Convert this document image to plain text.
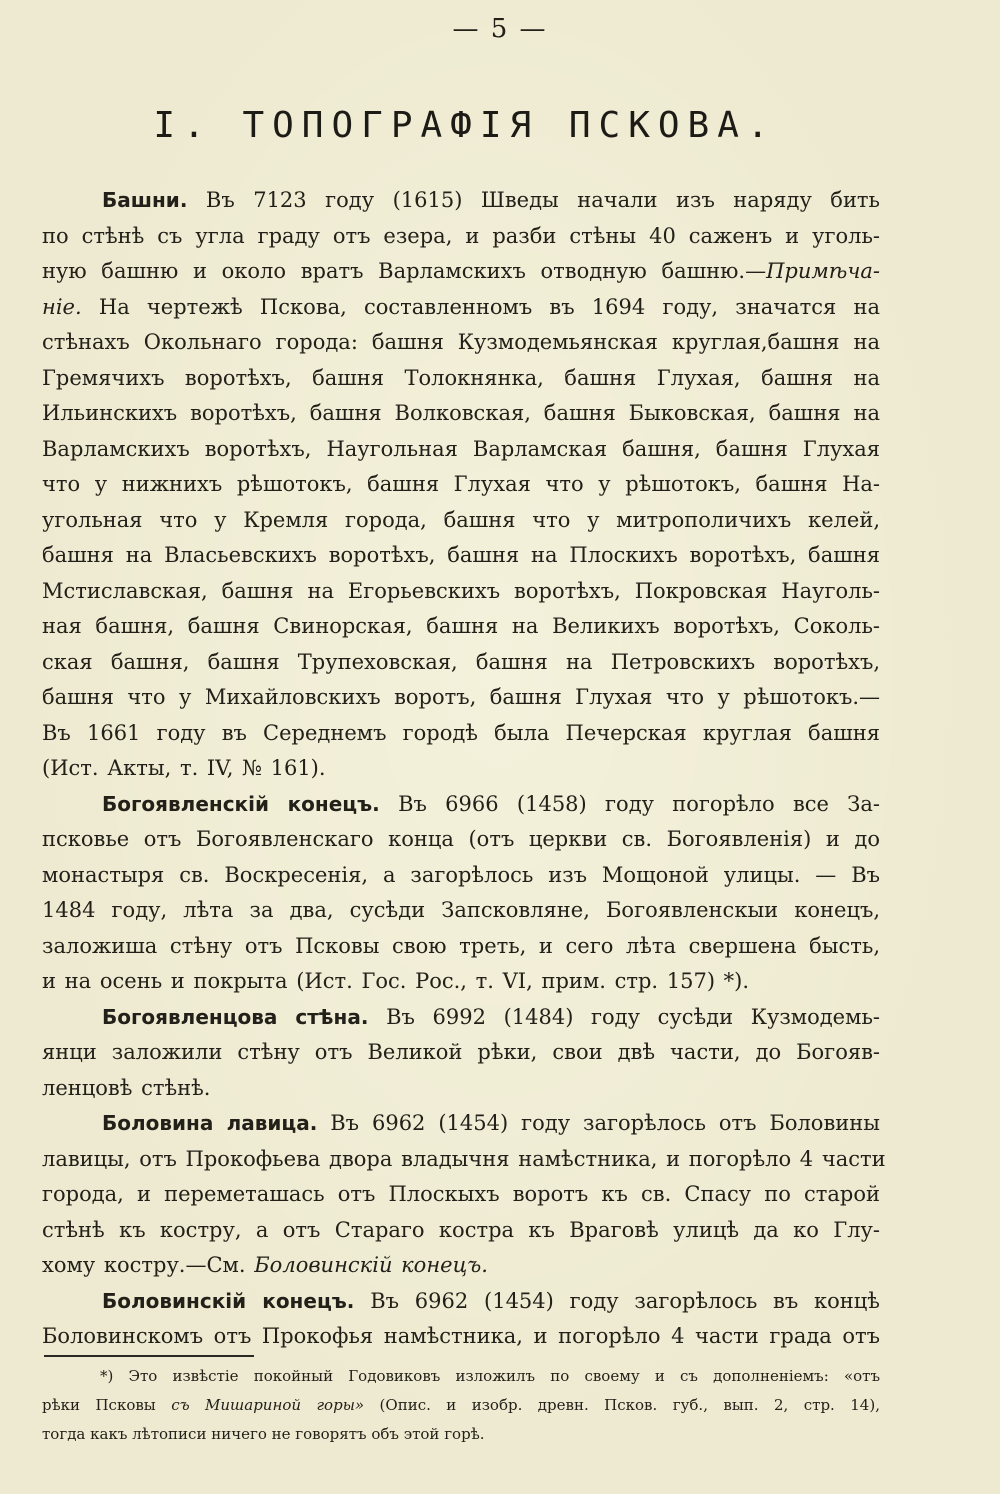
— 5 —
I. ТОПОГРАФІЯ ПСКОВА.
Башни. Въ 7123 году (1615) Шведы начали изъ наряду бить
по стѣнѣ съ угла граду отъ езера, и разби стѣны 40 саженъ и уголь-
ную башню и около вратъ Варламскихъ отводную башню.—Примѣча-
ніе. На чертежѣ Пскова, составленномъ въ 1694 году, значатся на
стѣнахъ Окольнаго города: башня Кузмодемьянская круглая,башня на
Гремячихъ воротѣхъ, башня Толокнянка, башня Глухая, башня на
Ильинскихъ воротѣхъ, башня Волковская, башня Быковская, башня на
Варламскихъ воротѣхъ, Наугольная Варламская башня, башня Глухая
что у нижнихъ рѣшотокъ, башня Глухая что у рѣшотокъ, башня На-
угольная что у Кремля города, башня что у митрополичихъ келей,
башня на Власьевскихъ воротѣхъ, башня на Плоскихъ воротѣхъ, башня
Мстиславская, башня на Егорьевскихъ воротѣхъ, Покровская Науголь-
ная башня, башня Свинорская, башня на Великихъ воротѣхъ, Соколь-
ская башня, башня Трупеховская, башня на Петровскихъ воротѣхъ,
башня что у Михайловскихъ воротъ, башня Глухая что у рѣшотокъ.—
Въ 1661 году въ Середнемъ городѣ была Печерская круглая башня
(Ист. Акты, т. IV, № 161).
Богоявленскій конецъ. Въ 6966 (1458) году погорѣло все За-
псковье отъ Богоявленскаго конца (отъ церкви св. Богоявленія) и до
монастыря св. Воскресенія, а загорѣлось изъ Мощоной улицы. — Въ
1484 году, лѣта за два, сусѣди Запсковляне, Богоявленскыи конецъ,
заложиша стѣну отъ Псковы свою треть, и сего лѣта свершена бысть,
и на осень и покрыта (Ист. Гос. Рос., т. VI, прим. стр. 157) *).
Богоявленцова стѣна. Въ 6992 (1484) году сусѣди Кузмодемь-
янци заложили стѣну отъ Великой рѣки, свои двѣ части, до Богояв-
ленцовѣ стѣнѣ.
Боловина лавица. Въ 6962 (1454) году загорѣлось отъ Боловины
лавицы, отъ Прокофьева двора владычня намѣстника, и погорѣло 4 части
города, и переметашась отъ Плоскыхъ воротъ къ св. Спасу по старой
стѣнѣ къ костру, а отъ Стараго костра къ Враговѣ улицѣ да ко Глу-
хому костру.—См. Боловинскій конецъ.
Боловинскій конецъ. Въ 6962 (1454) году загорѣлось въ концѣ
Боловинскомъ отъ Прокофья намѣстника, и погорѣло 4 части града отъ
*) Это извѣстіе покойный Годовиковъ изложилъ по своему и съ дополненіемъ: «отъ
рѣки Псковы съ Мишариной горы» (Опис. и изобр. древн. Псков. губ., вып. 2, стр. 14),
тогда какъ лѣтописи ничего не говорятъ объ этой горѣ.
